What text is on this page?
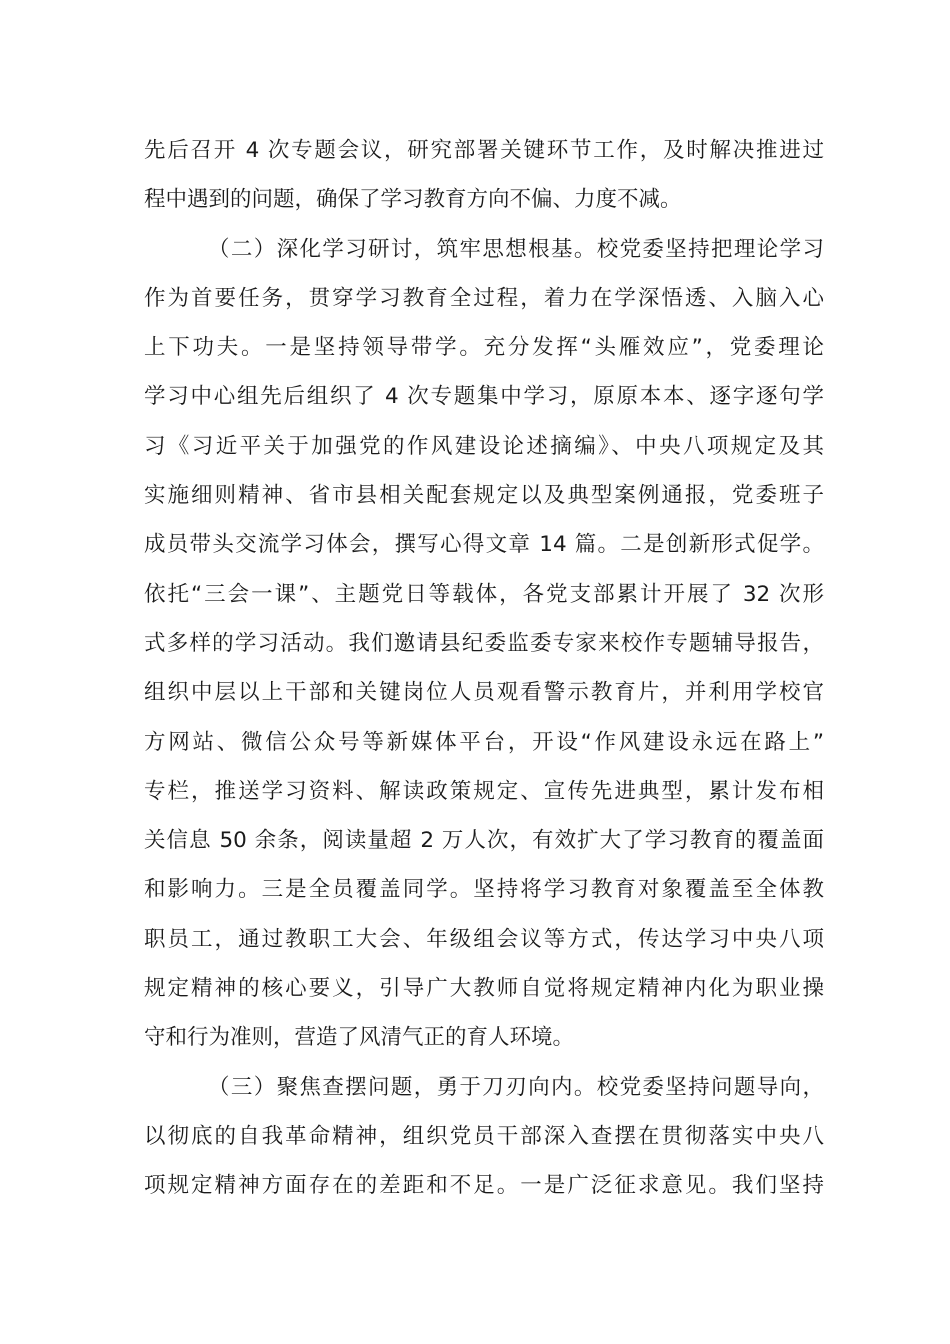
先后召开 4 次专题会议，研究部署关键环节工作，及时解决推进过
程中遇到的问题，确保了学习教育方向不偏、力度不减。
（二）深化学习研讨，筑牢思想根基。校党委坚持把理论学习
作为首要任务，贯穿学习教育全过程，着力在学深悟透、入脑入心
上下功夫。一是坚持领导带学。充分发挥“头雁效应”，党委理论
学习中心组先后组织了 4 次专题集中学习，原原本本、逐字逐句学
习《习近平关于加强党的作风建设论述摘编》、中央八项规定及其
实施细则精神、省市县相关配套规定以及典型案例通报，党委班子
成员带头交流学习体会，撰写心得文章 14 篇。二是创新形式促学。
依托“三会一课”、主题党日等载体，各党支部累计开展了 32 次形
式多样的学习活动。我们邀请县纪委监委专家来校作专题辅导报告，
组织中层以上干部和关键岗位人员观看警示教育片，并利用学校官
方网站、微信公众号等新媒体平台，开设“作风建设永远在路上”
专栏，推送学习资料、解读政策规定、宣传先进典型，累计发布相
关信息 50 余条，阅读量超 2 万人次，有效扩大了学习教育的覆盖面
和影响力。三是全员覆盖同学。坚持将学习教育对象覆盖至全体教
职员工，通过教职工大会、年级组会议等方式，传达学习中央八项
规定精神的核心要义，引导广大教师自觉将规定精神内化为职业操
守和行为准则，营造了风清气正的育人环境。
（三）聚焦查摆问题，勇于刀刃向内。校党委坚持问题导向，
以彻底的自我革命精神，组织党员干部深入查摆在贯彻落实中央八
项规定精神方面存在的差距和不足。一是广泛征求意见。我们坚持
